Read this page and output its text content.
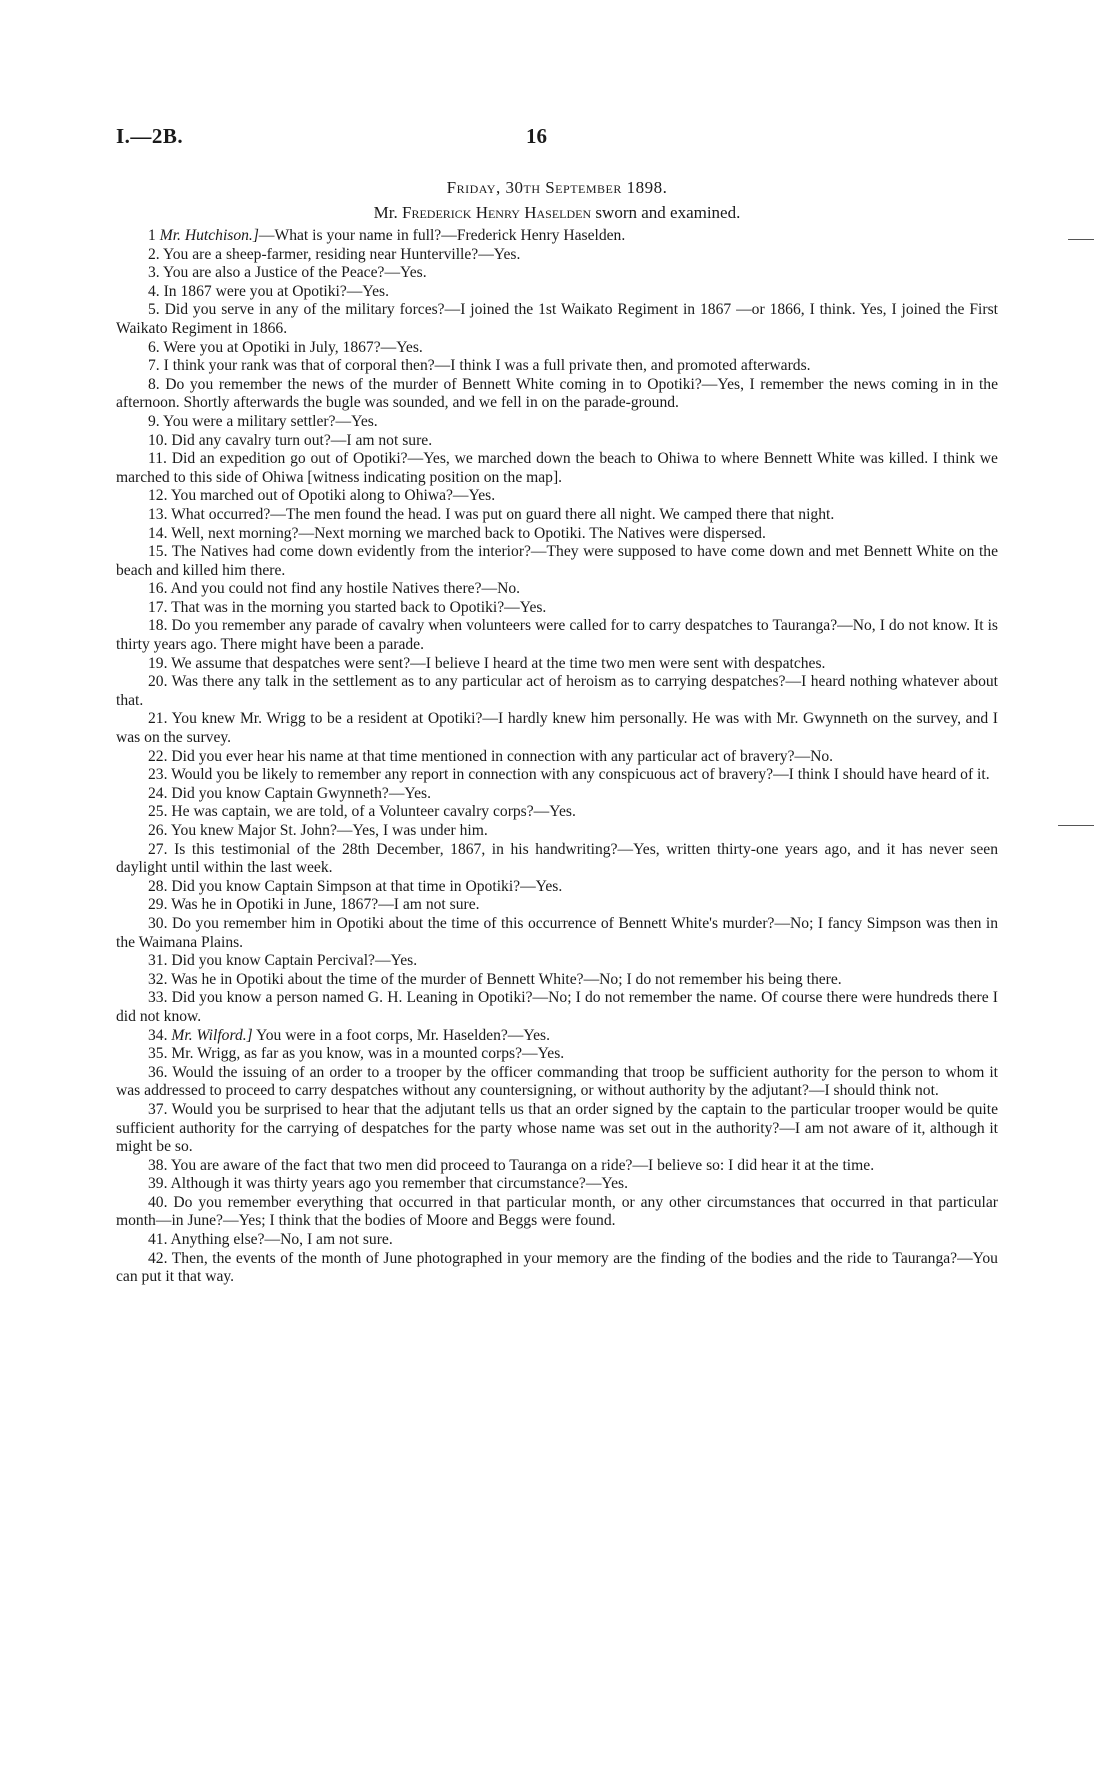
I.—2B.	16
Friday, 30th September 1898.
Mr. Frederick Henry Haselden sworn and examined.

1 Mr. Hutchison.]—What is your name in full?—Frederick Henry Haselden.

2. You are a sheep-farmer, residing near Hunterville?—Yes.

3. You are also a Justice of the Peace?—Yes.

4. In 1867 were you at Opotiki?—Yes.

5. Did you serve in any of the military forces?—I joined the 1st Waikato Regiment in 1867 —or 1866, I think. Yes, I joined the First Waikato Regiment in 1866.

6. Were you at Opotiki in July, 1867?—Yes.

7. I think your rank was that of corporal then?—I think I was a full private then, and promoted afterwards.

8. Do you remember the news of the murder of Bennett White coming in to Opotiki?—Yes, I remember the news coming in in the afternoon. Shortly afterwards the bugle was sounded, and we fell in on the parade-ground.

9. You were a military settler?—Yes.

10. Did any cavalry turn out?—I am not sure.

11. Did an expedition go out of Opotiki?—Yes, we marched down the beach to Ohiwa to where Bennett White was killed. I think we marched to this side of Ohiwa [witness indicating position on the map].

12. You marched out of Opotiki along to Ohiwa?—Yes.

13. What occurred?—The men found the head. I was put on guard there all night. We camped there that night.

14. Well, next morning?—Next morning we marched back to Opotiki. The Natives were dispersed.

15. The Natives had come down evidently from the interior?—They were supposed to have come down and met Bennett White on the beach and killed him there.

16. And you could not find any hostile Natives there?—No.

17. That was in the morning you started back to Opotiki?—Yes.

18. Do you remember any parade of cavalry when volunteers were called for to carry despatches to Tauranga?—No, I do not know. It is thirty years ago. There might have been a parade.

19. We assume that despatches were sent?—I believe I heard at the time two men were sent with despatches.

20. Was there any talk in the settlement as to any particular act of heroism as to carrying despatches?—I heard nothing whatever about that.

21. You knew Mr. Wrigg to be a resident at Opotiki?—I hardly knew him personally. He was with Mr. Gwynneth on the survey, and I was on the survey.

22. Did you ever hear his name at that time mentioned in connection with any particular act of bravery?—No.

23. Would you be likely to remember any report in connection with any conspicuous act of bravery?—I think I should have heard of it.

24. Did you know Captain Gwynneth?—Yes.

25. He was captain, we are told, of a Volunteer cavalry corps?—Yes.

26. You knew Major St. John?—Yes, I was under him.

27. Is this testimonial of the 28th December, 1867, in his handwriting?—Yes, written thirty-one years ago, and it has never seen daylight until within the last week.

28. Did you know Captain Simpson at that time in Opotiki?—Yes.

29. Was he in Opotiki in June, 1867?—I am not sure.

30. Do you remember him in Opotiki about the time of this occurrence of Bennett White's murder?—No; I fancy Simpson was then in the Waimana Plains.

31. Did you know Captain Percival?—Yes.

32. Was he in Opotiki about the time of the murder of Bennett White?—No; I do not remember his being there.

33. Did you know a person named G. H. Leaning in Opotiki?—No; I do not remember the name. Of course there were hundreds there I did not know.

34. Mr. Wilford.] You were in a foot corps, Mr. Haselden?—Yes.

35. Mr. Wrigg, as far as you know, was in a mounted corps?—Yes.

36. Would the issuing of an order to a trooper by the officer commanding that troop be sufficient authority for the person to whom it was addressed to proceed to carry despatches without any countersigning, or without authority by the adjutant?—I should think not.

37. Would you be surprised to hear that the adjutant tells us that an order signed by the captain to the particular trooper would be quite sufficient authority for the carrying of despatches for the party whose name was set out in the authority?—I am not aware of it, although it might be so.

38. You are aware of the fact that two men did proceed to Tauranga on a ride?—I believe so: I did hear it at the time.

39. Although it was thirty years ago you remember that circumstance?—Yes.

40. Do you remember everything that occurred in that particular month, or any other circumstances that occurred in that particular month—in June?—Yes; I think that the bodies of Moore and Beggs were found.

41. Anything else?—No, I am not sure.

42. Then, the events of the month of June photographed in your memory are the finding of the bodies and the ride to Tauranga?—You can put it that way.
